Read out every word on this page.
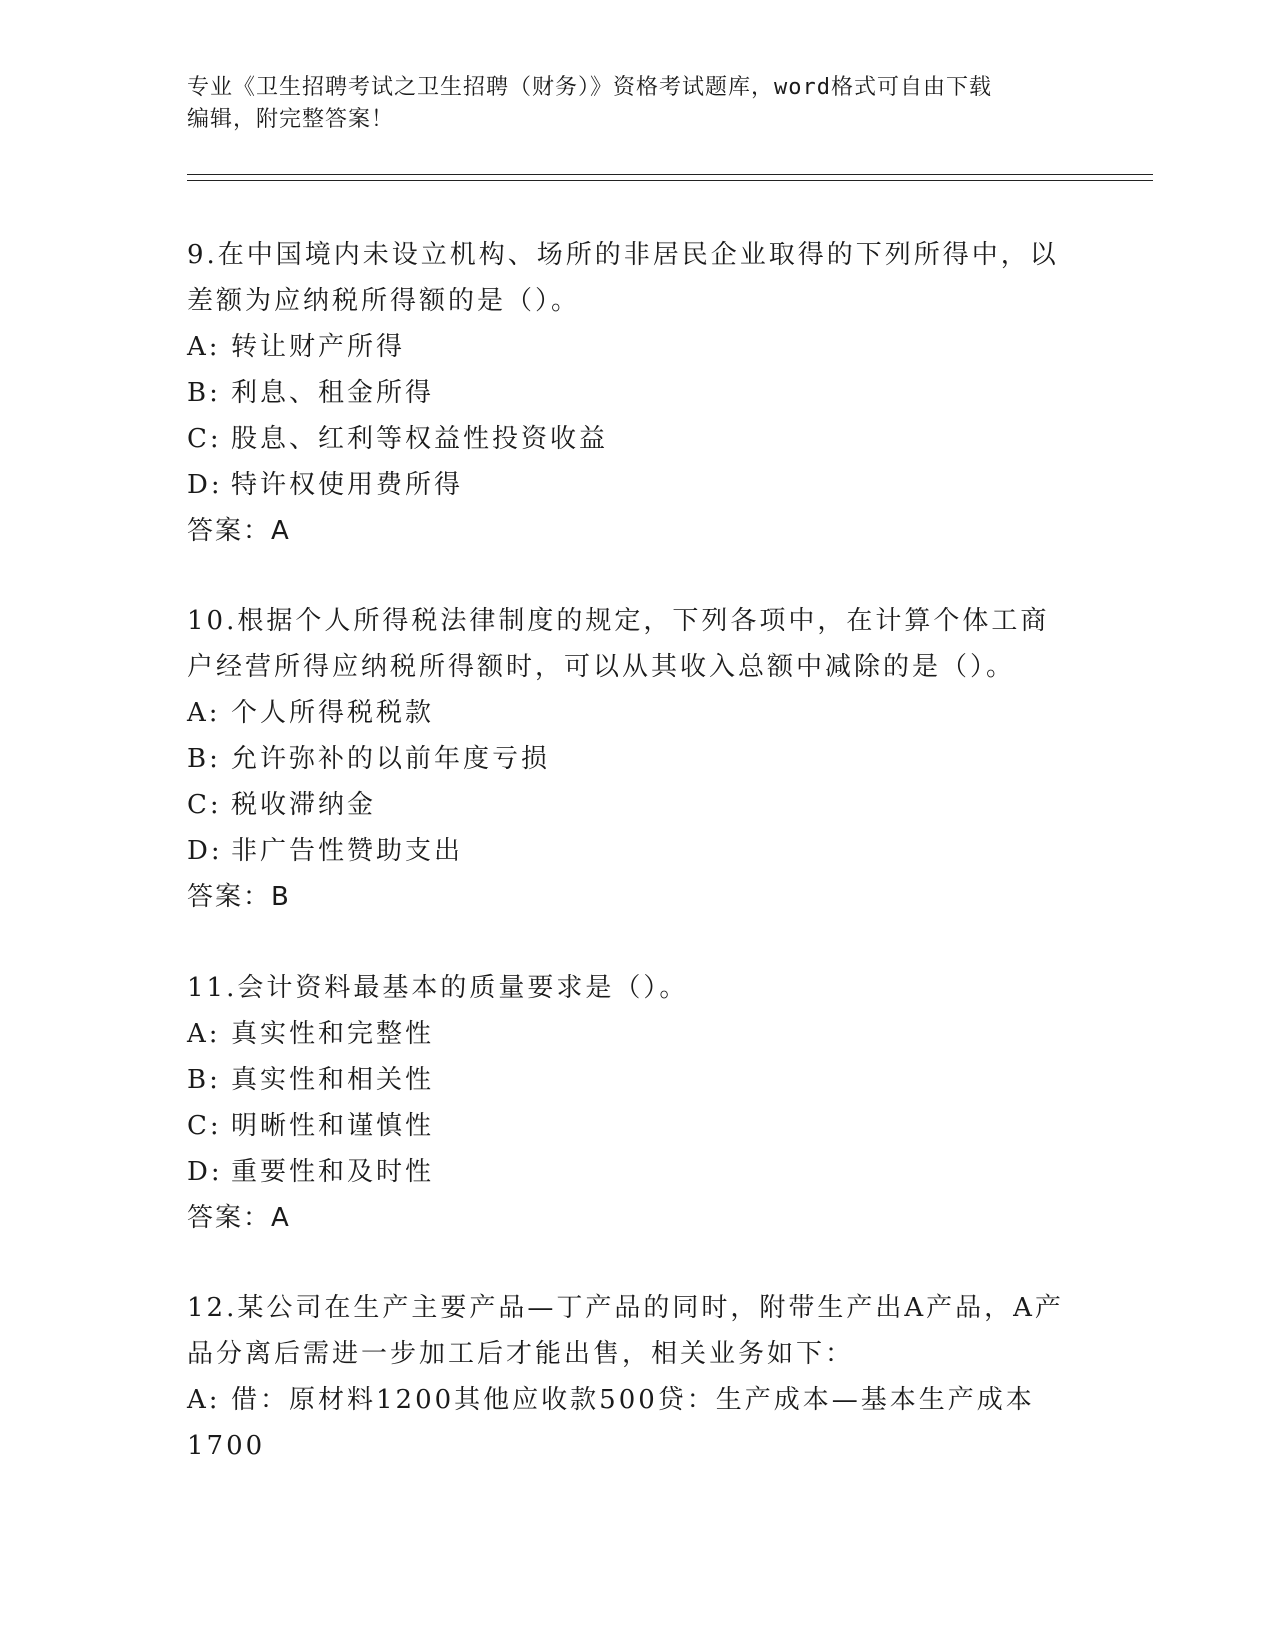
专业《卫生招聘考试之卫生招聘（财务）》资格考试题库，word格式可自由下载
编辑，附完整答案！

9.在中国境内未设立机构、场所的非居民企业取得的下列所得中，以差额为应纳税所得额的是（）。

A: 转让财产所得

B: 利息、租金所得

C: 股息、红利等权益性投资收益

D: 特许权使用费所得

答案：A

10.根据个人所得税法律制度的规定，下列各项中，在计算个体工商户经营所得应纳税所得额时，可以从其收入总额中减除的是（）。

A: 个人所得税税款

B: 允许弥补的以前年度亏损

C: 税收滞纳金

D: 非广告性赞助支出

答案：B

11.会计资料最基本的质量要求是（）。

A: 真实性和完整性

B: 真实性和相关性

C: 明晰性和谨慎性

D: 重要性和及时性

答案：A

12.某公司在生产主要产品—丁产品的同时，附带生产出A产品，A产品分离后需进一步加工后才能出售，相关业务如下：

A: 借：原材料1200其他应收款500贷：生产成本—基本生产成本1700
